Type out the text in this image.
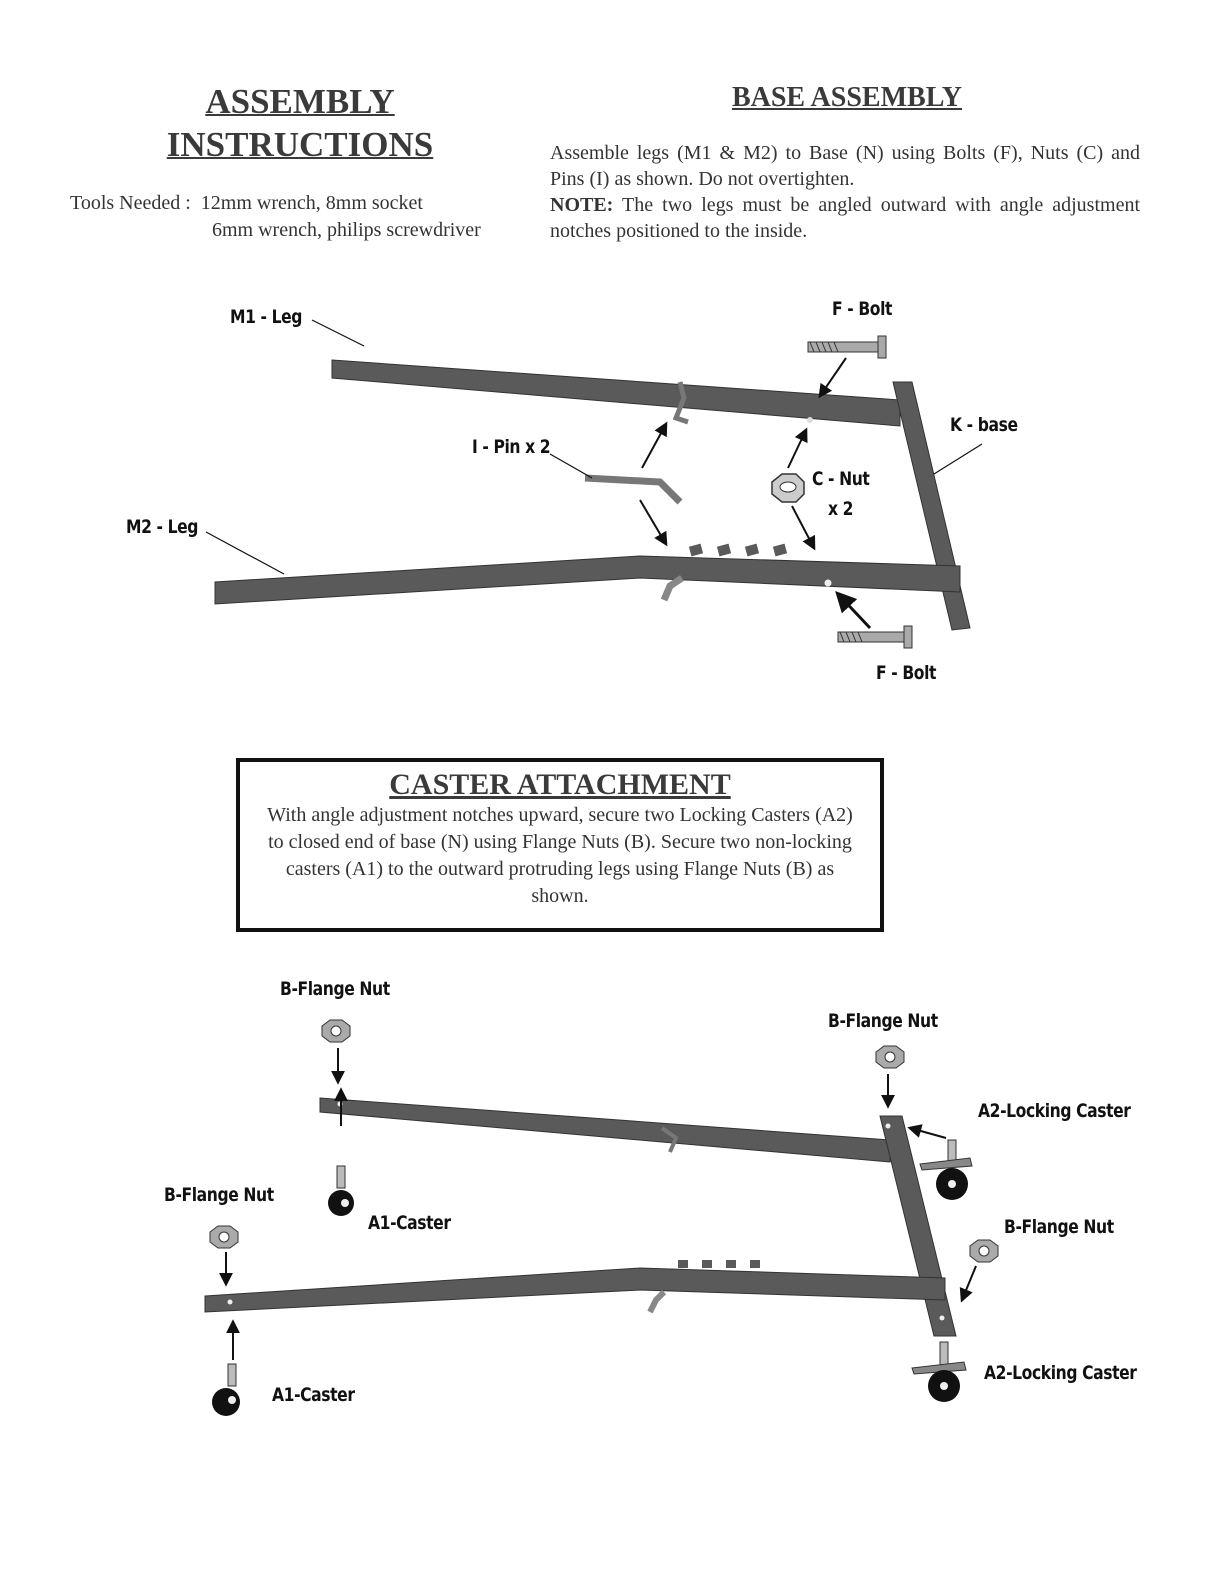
ASSEMBLY
INSTRUCTIONS
Tools Needed : 12mm wrench, 8mm socket
6mm wrench, philips screwdriver
BASE ASSEMBLY
Assemble legs (M1 & M2) to Base (N) using Bolts (F), Nuts (C) and Pins (I) as shown. Do not overtighten.
NOTE: The two legs must be angled outward with angle adjustment notches positioned to the inside.
M1 - Leg
M2 - Leg
F - Bolt
F - Bolt
K - base
I - Pin x 2
C - Nut
x 2
CASTER ATTACHMENT
With angle adjustment notches upward, secure two Locking Casters (A2) to closed end of base (N) using Flange Nuts (B). Secure two non-locking casters (A1) to the outward protruding legs using Flange Nuts (B) as shown.
B-Flange Nut
B-Flange Nut
B-Flange Nut
B-Flange Nut
A1-Caster
A1-Caster
A2-Locking Caster
A2-Locking Caster
